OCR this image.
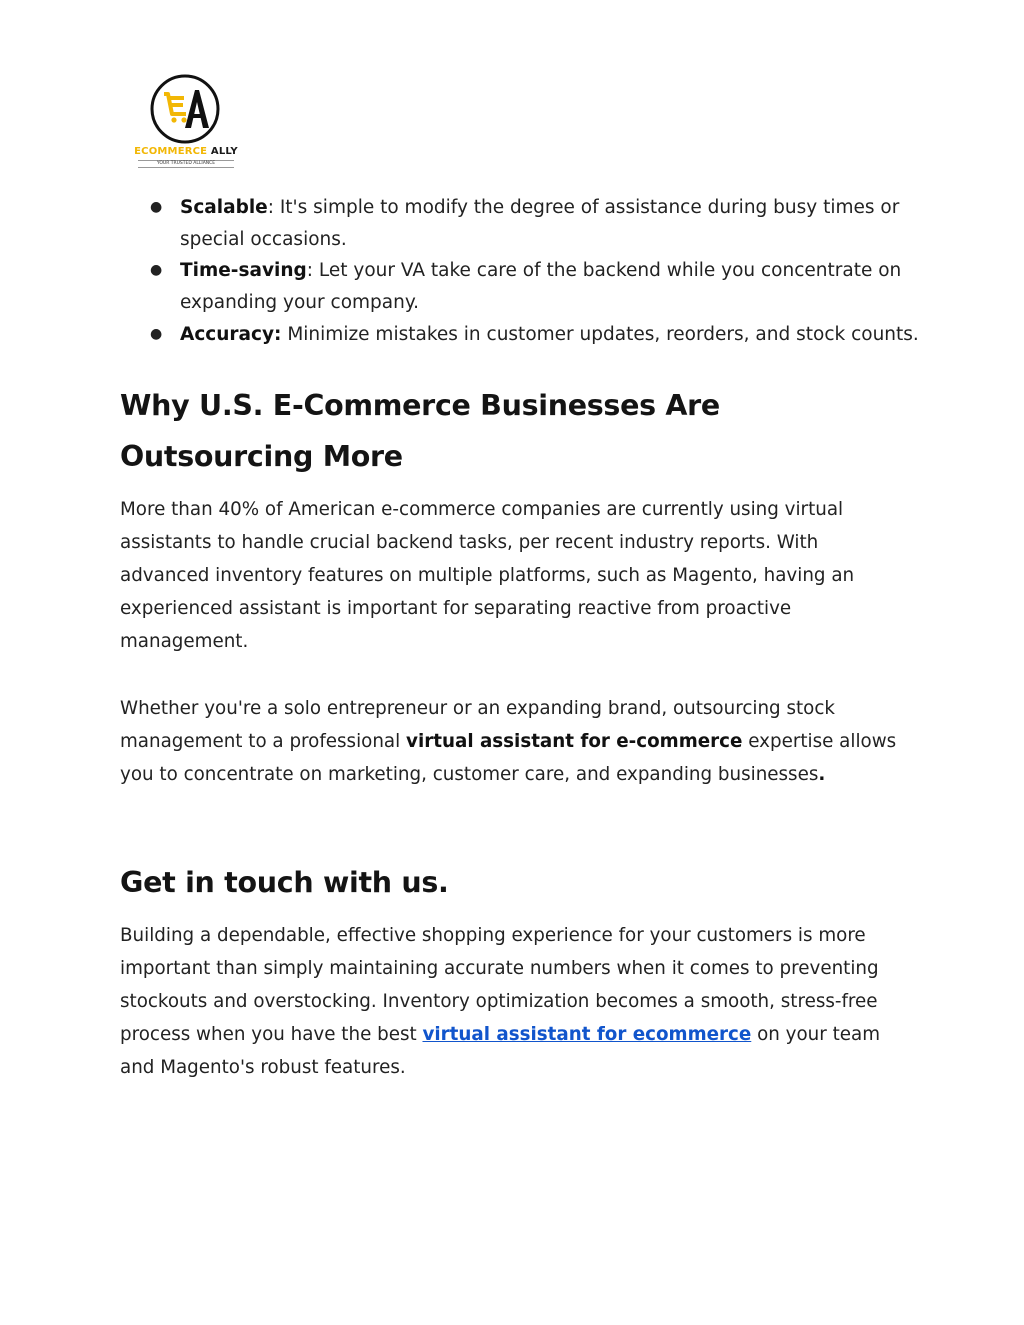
ECOMMERCE ALLY
YOUR TRUSTED ALLIANCE
● Scalable: It's simple to modify the degree of assistance during busy times or special occasions.
● Time-saving: Let your VA take care of the backend while you concentrate on expanding your company.
● Accuracy: Minimize mistakes in customer updates, reorders, and stock counts.
Why U.S. E-Commerce Businesses Are Outsourcing More

More than 40% of American e-commerce companies are currently using virtual assistants to handle crucial backend tasks, per recent industry reports. With advanced inventory features on multiple platforms, such as Magento, having an experienced assistant is important for separating reactive from proactive management.

Whether you're a solo entrepreneur or an expanding brand, outsourcing stock management to a professional virtual assistant for e-commerce expertise allows you to concentrate on marketing, customer care, and expanding businesses.

Get in touch with us.

Building a dependable, effective shopping experience for your customers is more important than simply maintaining accurate numbers when it comes to preventing stockouts and overstocking. Inventory optimization becomes a smooth, stress-free process when you have the best virtual assistant for ecommerce on your team and Magento's robust features.
